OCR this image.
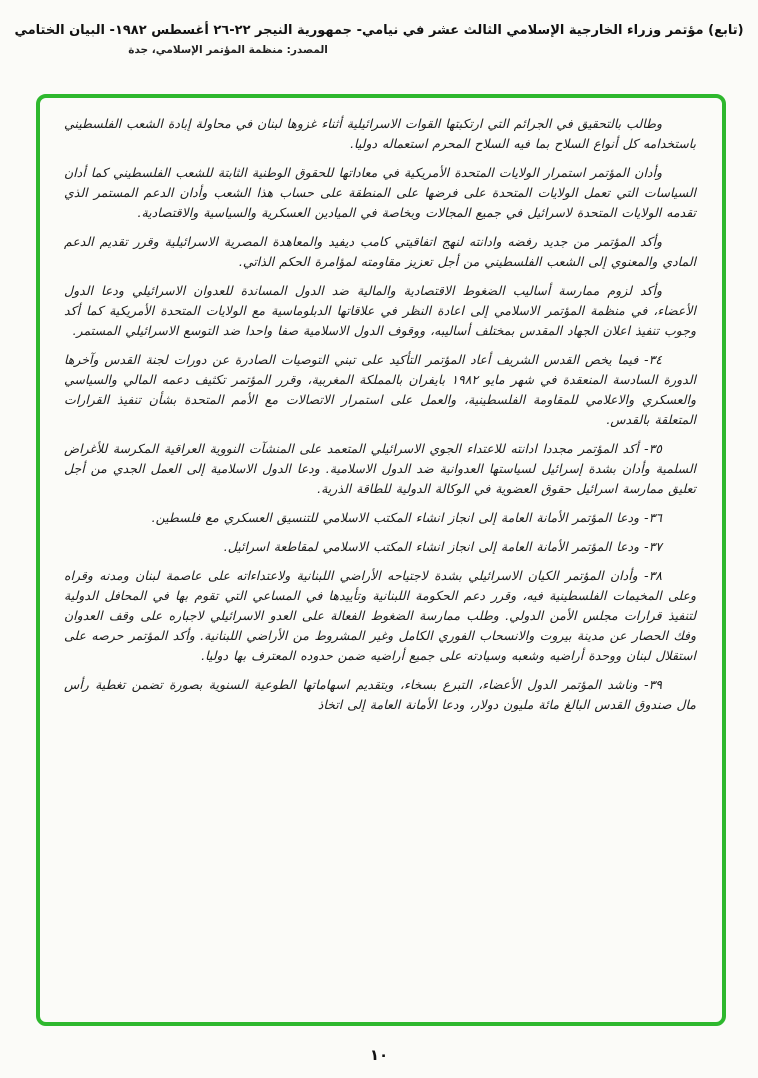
(تابع) مؤتمر وزراء الخارجية الإسلامي الثالث عشر في نيامي- جمهورية النيجر ٢٢-٢٦ أغسطس ١٩٨٢- البيان الختامي
المصدر: منظمة المؤتمر الإسلامي، جدة

وطالب بالتحقيق في الجرائم التي ارتكبتها القوات الاسرائيلية أثناء غزوها لبنان في محاولة إبادة الشعب الفلسطيني باستخدامه كل أنواع السلاح بما فيه السلاح المحرم استعماله دوليا.

وأدان المؤتمر استمرار الولايات المتحدة الأمريكية في معاداتها للحقوق الوطنية الثابتة للشعب الفلسطيني كما أدان السياسات التي تعمل الولايات المتحدة على فرضها على المنطقة على حساب هذا الشعب وأدان الدعم المستمر الذي تقدمه الولايات المتحدة لاسرائيل في جميع المجالات وبخاصة في الميادين العسكرية والسياسية والاقتصادية.

وأكد المؤتمر من جديد رفضه وادانته لنهج اتفاقيتي كامب ديفيد والمعاهدة المصرية الاسرائيلية وقرر تقديم الدعم المادي والمعنوي إلى الشعب الفلسطيني من أجل تعزيز مقاومته لمؤامرة الحكم الذاتي.

وأكد لزوم ممارسة أساليب الضغوط الاقتصادية والمالية ضد الدول المساندة للعدوان الاسرائيلي ودعا الدول الأعضاء، في منظمة المؤتمر الاسلامي إلى اعادة النظر في علاقاتها الدبلوماسية مع الولايات المتحدة الأمريكية كما أكد وجوب تنفيذ اعلان الجهاد المقدس بمختلف أساليبه، ووقوف الدول الاسلامية صفا واحدا ضد التوسع الاسرائيلي المستمر.

٣٤- فيما يخص القدس الشريف أعاد المؤتمر التأكيد على تبني التوصيات الصادرة عن دورات لجنة القدس وآخرها الدورة السادسة المنعقدة في شهر مايو ١٩٨٢ بايفران بالمملكة المغربية، وقرر المؤتمر تكثيف دعمه المالي والسياسي والعسكري والاعلامي للمقاومة الفلسطينية، والعمل على استمرار الاتصالات مع الأمم المتحدة بشأن تنفيذ القرارات المتعلقة بالقدس.

٣٥- أكد المؤتمر مجددا ادانته للاعتداء الجوي الاسرائيلي المتعمد على المنشآت النووية العراقية المكرسة للأغراض السلمية وأدان بشدة إسرائيل لسياستها العدوانية ضد الدول الاسلامية. ودعا الدول الاسلامية إلى العمل الجدي من أجل تعليق ممارسة اسرائيل حقوق العضوية في الوكالة الدولية للطاقة الذرية.

٣٦- ودعا المؤتمر الأمانة العامة إلى انجاز انشاء المكتب الاسلامي للتنسيق العسكري مع فلسطين.

٣٧- ودعا المؤتمر الأمانة العامة إلى انجاز انشاء المكتب الاسلامي لمقاطعة اسرائيل.

٣٨- وأدان المؤتمر الكيان الاسرائيلي بشدة لاجتياحه الأراضي اللبنانية ولاعتداءاته على عاصمة لبنان ومدنه وقراه وعلى المخيمات الفلسطينية فيه، وقرر دعم الحكومة اللبنانية وتأييدها في المساعي التي تقوم بها في المحافل الدولية لتنفيذ قرارات مجلس الأمن الدولي. وطلب ممارسة الضغوط الفعالة على العدو الاسرائيلي لاجباره على وقف العدوان وفك الحصار عن مدينة بيروت والانسحاب الفوري الكامل وغير المشروط من الأراضي اللبنانية. وأكد المؤتمر حرصه على استقلال لبنان ووحدة أراضيه وشعبه وسيادته على جميع أراضيه ضمن حدوده المعترف بها دوليا.

٣٩- وناشد المؤتمر الدول الأعضاء، التبرع بسخاء، وبتقديم اسهاماتها الطوعية السنوية بصورة تضمن تغطية رأس مال صندوق القدس البالغ مائة مليون دولار، ودعا الأمانة العامة إلى اتخاذ

١٠
